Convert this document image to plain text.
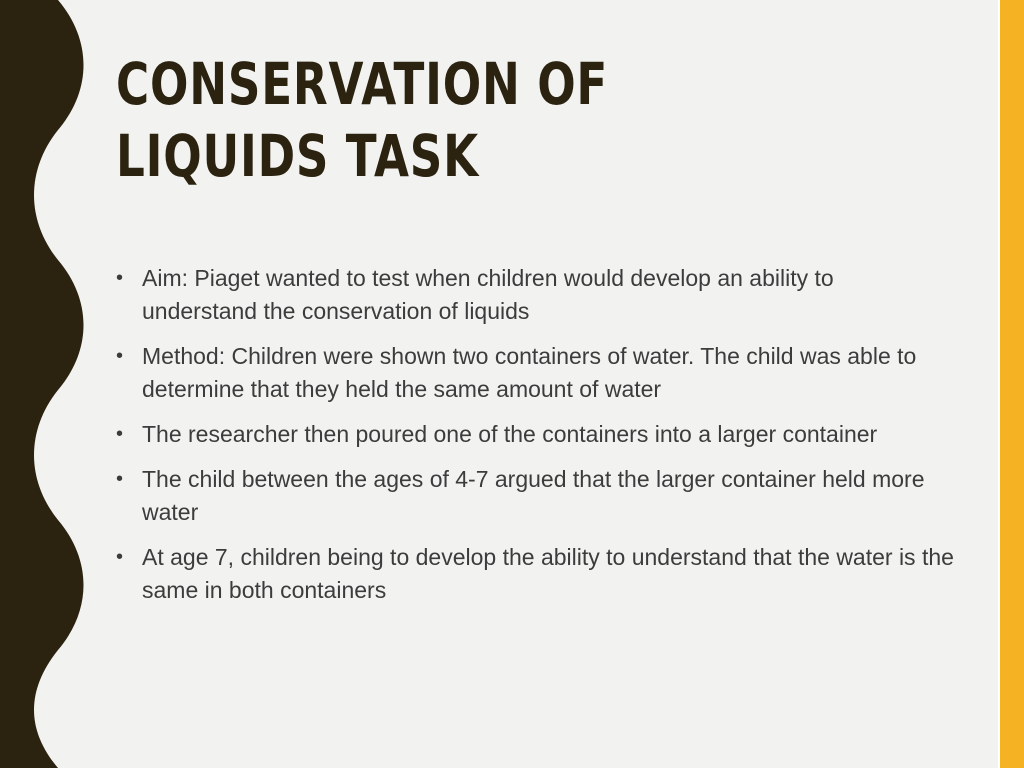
CONSERVATION OF LIQUIDS TASK
• Aim: Piaget wanted to test when children would develop an ability to understand the conservation of liquids
• Method: Children were shown two containers of water. The child was able to determine that they held the same amount of water
• The researcher then poured one of the containers into a larger container
• The child between the ages of 4-7 argued that the larger container held more water
• At age 7, children being to develop the ability to understand that the water is the same in both containers
